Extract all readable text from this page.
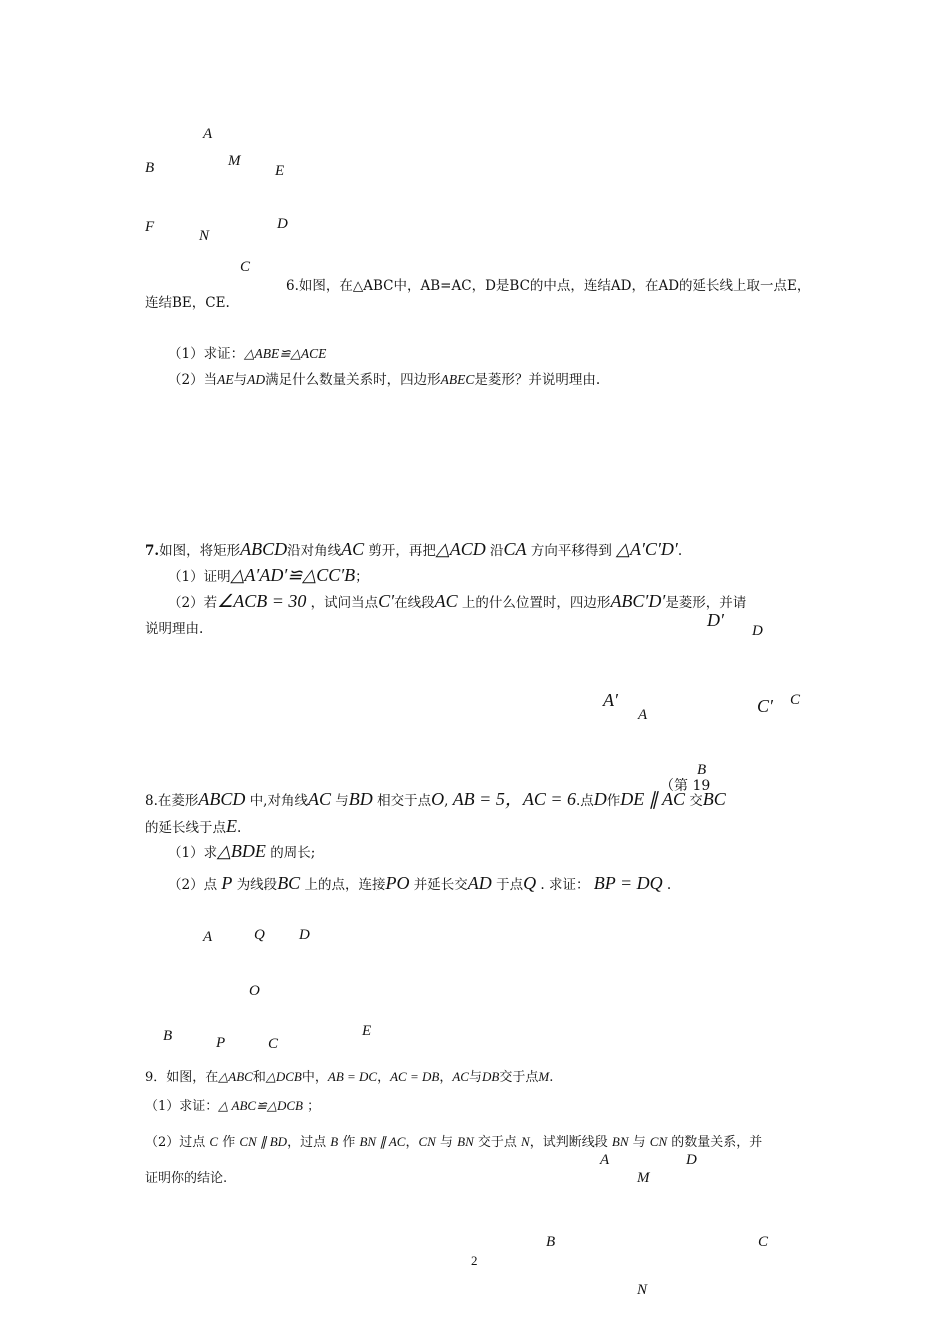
A
B	M
E
F
N
D
C
6.如图，在△ABC中，AB=AC，D是BC的中点，连结AD，在AD的延长线上取一点E，
连结BE，CE.
（1）求证：△ABE≌△ACE
（2）当AE与AD满足什么数量关系时，四边形ABEC是菱形？并说明理由.
7.如图，将矩形ABCD沿对角线AC 剪开，再把△ACD 沿CA 方向平移得到 △A′C′D′.
（1）证明△A′AD′≌△CC′B；
（2）若∠ACB = 30 ，试问当点C′在线段AC 上的什么位置时，四边形ABC′D′是菱形，并请
说明理由.	D′
D
A′
A	C′ C
B
（第 19
8.在菱形ABCD 中,对角线AC 与BD 相交于点O, AB = 5，AC = 6.点D作DE ∥ AC 交BC
的延长线于点E.
（1）求△BDE 的周长;
（2）点 P 为线段BC 上的点，连接PO 并延长交AD 于点Q . 求证： BP = DQ .
A	Q D
O
B	P	C
E
9．如图，在△ABC和△DCB中，AB = DC，AC = DB，AC与DB交于点M.
（1）求证：△ ABC≌△DCB ；
（2）过点 C 作 CN ∥ BD，过点 B 作 BN ∥ AC，CN 与 BN 交于点 N，试判断线段 BN 与 CN 的数量关系，并
证明你的结论.
A
M
D
B	C
N
2
